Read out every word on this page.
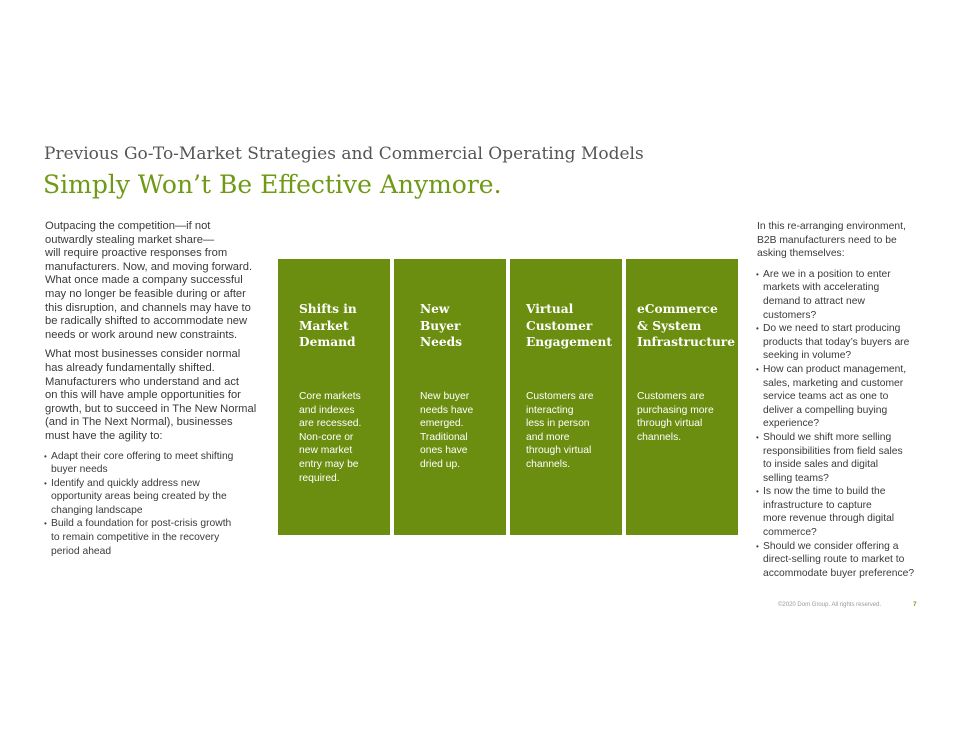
Previous Go-To-Market Strategies and Commercial Operating Models
Simply Won’t Be Effective Anymore.

Outpacing the competition—if not
outwardly stealing market share—
will require proactive responses from
manufacturers. Now, and moving forward.
What once made a company successful
may no longer be feasible during or after
this disruption, and channels may have to
be radically shifted to accommodate new
needs or work around new constraints.

What most businesses consider normal
has already fundamentally shifted.
Manufacturers who understand and act
on this will have ample opportunities for
growth, but to succeed in The New Normal
(and in The Next Normal), businesses
must have the agility to:

• Adapt their core offering to meet shifting
buyer needs
• Identify and quickly address new
opportunity areas being created by the
changing landscape
• Build a foundation for post-crisis growth
to remain competitive in the recovery
period ahead
Shifts in
Market
Demand
Core markets
and indexes
are recessed.
Non-core or
new market
entry may be
required.
New
Buyer
Needs
New buyer
needs have
emerged.
Traditional
ones have
dried up.
Virtual
Customer
Engagement
Customers are
interacting
less in person
and more
through virtual
channels.
eCommerce
& System
Infrastructure
Customers are
purchasing more
through virtual
channels.

In this re-arranging environment,
B2B manufacturers need to be
asking themselves:

• Are we in a position to enter
markets with accelerating
demand to attract new
customers?
• Do we need to start producing
products that today’s buyers are
seeking in volume?
• How can product management,
sales, marketing and customer
service teams act as one to
deliver a compelling buying
experience?
• Should we shift more selling
responsibilities from field sales
to inside sales and digital
selling teams?
• Is now the time to build the
infrastructure to capture
more revenue through digital
commerce?
• Should we consider offering a
direct-selling route to market to
accommodate buyer preference?
©2020 Dom Group. All rights reserved.	7
